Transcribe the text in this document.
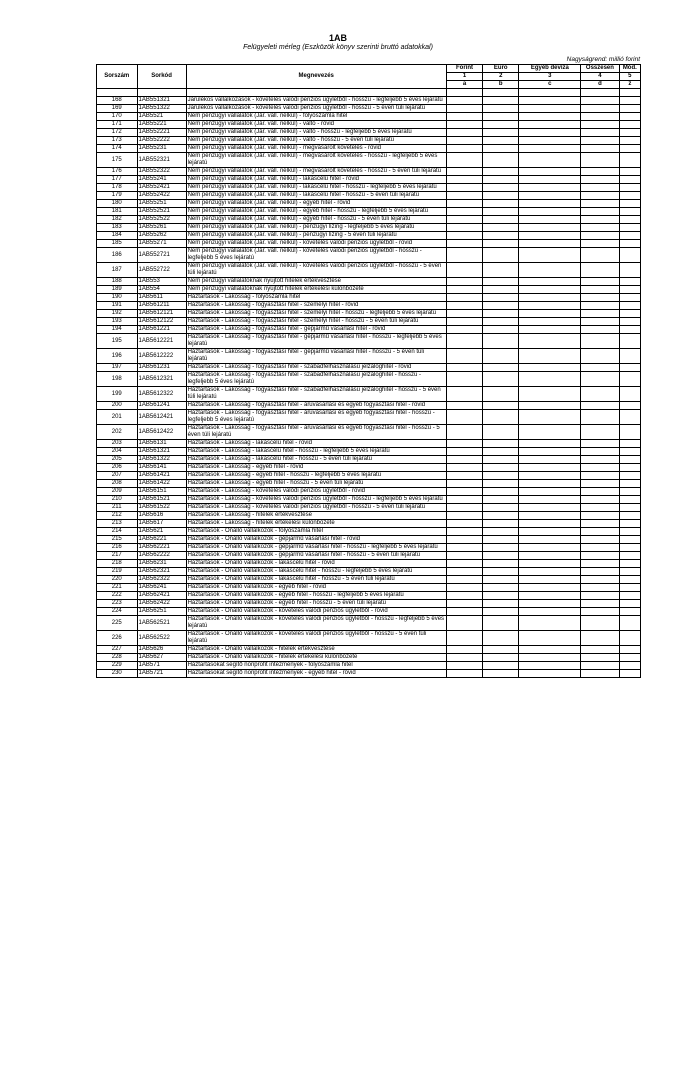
1AB
Felügyeleti mérleg (Eszközök könyv szerinti bruttó adatokkal)
Nagyságrend: millió forint
Sorszám	Sorkód	Megnevezés	Forint	Euro	Egyéb deviza	Összesen	Mód.
			1	2	3	4	5
			a	b	c	d	z

168	1AB551321	Járulékos vállalkozások - követelés valódi penziós ügyletből - hosszú - legfeljebb 5 éves lejáratú					
169	1AB551322	Járulékos vállalkozások - követelés valódi penziós ügyletből - hosszú - 5 éven túli lejáratú					
170	1AB5521	Nem pénzügyi vállalatok (Jár. váll. nélkül) - folyószámla hitel					
171	1AB55221	Nem pénzügyi vállalatok (Jár. váll. nélkül) - váltó - rövid					
172	1AB552221	Nem pénzügyi vállalatok (Jár. váll. nélkül) - váltó - hosszú - legfeljebb 5 éves lejáratú					
173	1AB552222	Nem pénzügyi vállalatok (Jár. váll. nélkül) - váltó - hosszú - 5 éven túli lejáratú					
174	1AB55231	Nem pénzügyi vállalatok (Jár. váll. nélkül) - megvásárolt követelés - rövid					
175	1AB552321	Nem pénzügyi vállalatok (Jár. váll. nélkül) - megvásárolt követelés - hosszú - legfeljebb 5 éves lejáratú					
176	1AB552322	Nem pénzügyi vállalatok (Jár. váll. nélkül) - megvásárolt követelés - hosszú - 5 éven túli lejáratú					
177	1AB55241	Nem pénzügyi vállalatok (Jár. váll. nélkül) - lakáscélú hitel - rövid					
178	1AB552421	Nem pénzügyi vállalatok (Jár. váll. nélkül) - lakáscélú hitel - hosszú - legfeljebb 5 éves lejáratú					
179	1AB552422	Nem pénzügyi vállalatok (Jár. váll. nélkül) - lakáscélú hitel - hosszú - 5 éven túli lejáratú					
180	1AB55251	Nem pénzügyi vállalatok (Jár. váll. nélkül) - egyéb hitel - rövid					
181	1AB552521	Nem pénzügyi vállalatok (Jár. váll. nélkül) - egyéb hitel - hosszú - legfeljebb 5 éves lejáratú					
182	1AB552522	Nem pénzügyi vállalatok (Jár. váll. nélkül) - egyéb hitel - hosszú - 5 éven túli lejáratú					
183	1AB55261	Nem pénzügyi vállalatok (Jár. váll. nélkül) - pénzügyi lízing - legfeljebb 5 éves lejáratú					
184	1AB55262	Nem pénzügyi vállalatok (Jár. váll. nélkül) - pénzügyi lízing - 5 éven túli lejáratú					
185	1AB55271	Nem pénzügyi vállalatok (Jár. váll. nélkül) - követelés valódi penziós ügyletből - rövid					
186	1AB552721	Nem pénzügyi vállalatok (Jár. váll. nélkül) - követelés valódi penziós ügyletből - hosszú - legfeljebb 5 éves lejáratú					
187	1AB552722	Nem pénzügyi vállalatok (Jár. váll. nélkül) - követelés valódi penziós ügyletből - hosszú - 5 éven túli lejáratú					
188	1AB553	Nem pénzügyi vállalatoknak nyújtott hitelek értékvesztése					
189	1AB554	Nem pénzügyi vállalatoknak nyújtott hitelek értékelési különbözete					
190	1AB5611	Háztartások - Lakosság - folyószámla hitel					
191	1AB561211	Háztartások - Lakosság - fogyasztási hitel - személyi hitel - rövid					
192	1AB5612121	Háztartások - Lakosság - fogyasztási hitel - személyi hitel - hosszú - legfeljebb 5 éves lejáratú					
193	1AB5612122	Háztartások - Lakosság - fogyasztási hitel - személyi hitel - hosszú - 5 éven túli lejáratú					
194	1AB561221	Háztartások - Lakosság - fogyasztási hitel - gépjármű vásárlási hitel - rövid					
195	1AB5612221	Háztartások - Lakosság - fogyasztási hitel - gépjármű vásárlási hitel - hosszú - legfeljebb 5 éves lejáratú					
196	1AB5612222	Háztartások - Lakosság - fogyasztási hitel - gépjármű vásárlási hitel - hosszú - 5 éven túli lejáratú					
197	1AB561231	Háztartások - Lakosság - fogyasztási hitel - szabadfelhasználású jelzáloghitel - rövid					
198	1AB5612321	Háztartások - Lakosság - fogyasztási hitel - szabadfelhasználású jelzáloghitel - hosszú - legfeljebb 5 éves lejáratú					
199	1AB5612322	Háztartások - Lakosság - fogyasztási hitel - szabadfelhasználású jelzáloghitel - hosszú - 5 éven túli lejáratú					
200	1AB561241	Háztartások - Lakosság - fogyasztási hitel - áruvásárlási és egyéb fogyasztási hitel - rövid					
201	1AB5612421	Háztartások - Lakosság - fogyasztási hitel - áruvásárlási és egyéb fogyasztási hitel - hosszú - legfeljebb 5 éves lejáratú					
202	1AB5612422	Háztartások - Lakosság - fogyasztási hitel - áruvásárlási és egyéb fogyasztási hitel - hosszú - 5 éven túli lejáratú					
203	1AB56131	Háztartások - Lakosság - lakáscélú hitel - rövid					
204	1AB561321	Háztartások - Lakosság - lakáscélú hitel - hosszú - legfeljebb 5 éves lejáratú					
205	1AB561322	Háztartások - Lakosság - lakáscélú hitel - hosszú - 5 éven túli lejáratú					
206	1AB56141	Háztartások - Lakosság - egyéb hitel - rövid					
207	1AB561421	Háztartások - Lakosság - egyéb hitel - hosszú - legfeljebb 5 éves lejáratú					
208	1AB561422	Háztartások - Lakosság - egyéb hitel - hosszú - 5 éven túli lejáratú					
209	1AB56151	Háztartások - Lakosság - követelés valódi penziós ügyletből - rövid					
210	1AB561521	Háztartások - Lakosság - követelés valódi penziós ügyletből - hosszú - legfeljebb 5 éves lejáratú					
211	1AB561522	Háztartások - Lakosság - követelés valódi penziós ügyletből - hosszú - 5 éven túli lejáratú					
212	1AB5616	Háztartások - Lakosság - hitelek értékvesztése					
213	1AB5617	Háztartások - Lakosság - hitelek értékelési különbözete					
214	1AB5621	Háztartások - Önálló vállalkozók - folyószámla hitel					
215	1AB56221	Háztartások - Önálló vállalkozók - gépjármű vásárlási hitel - rövid					
216	1AB562221	Háztartások - Önálló vállalkozók - gépjármű vásárlási hitel - hosszú - legfeljebb 5 éves lejáratú					
217	1AB562222	Háztartások - Önálló vállalkozók - gépjármű vásárlási hitel - hosszú - 5 éven túli lejáratú					
218	1AB56231	Háztartások - Önálló vállalkozók - lakáscélú hitel - rövid					
219	1AB562321	Háztartások - Önálló vállalkozók - lakáscélú hitel - hosszú - legfeljebb 5 éves lejáratú					
220	1AB562322	Háztartások - Önálló vállalkozók - lakáscélú hitel - hosszú - 5 éven túli lejáratú					
221	1AB56241	Háztartások - Önálló vállalkozók - egyéb hitel - rövid					
222	1AB562421	Háztartások - Önálló vállalkozók - egyéb hitel - hosszú - legfeljebb 5 éves lejáratú					
223	1AB562422	Háztartások - Önálló vállalkozók - egyéb hitel - hosszú - 5 éven túli lejáratú					
224	1AB56251	Háztartások - Önálló vállalkozók - követelés valódi penziós ügyletből - rövid					
225	1AB562521	Háztartások - Önálló vállalkozók - követelés valódi penziós ügyletből - hosszú - legfeljebb 5 éves lejáratú					
226	1AB562522	Háztartások - Önálló vállalkozók - követelés valódi penziós ügyletből - hosszú - 5 éven túli lejáratú					
227	1AB5626	Háztartások - Önálló vállalkozók - hitelek értékvesztése					
228	1AB5627	Háztartások - Önálló vállalkozók - hitelek értékelési különbözete					
229	1AB571	Háztartásokat segítő nonprofit intézmények - folyószámla hitel					
230	1AB5721	Háztartásokat segítő nonprofit intézmények - egyéb hitel - rövid					
